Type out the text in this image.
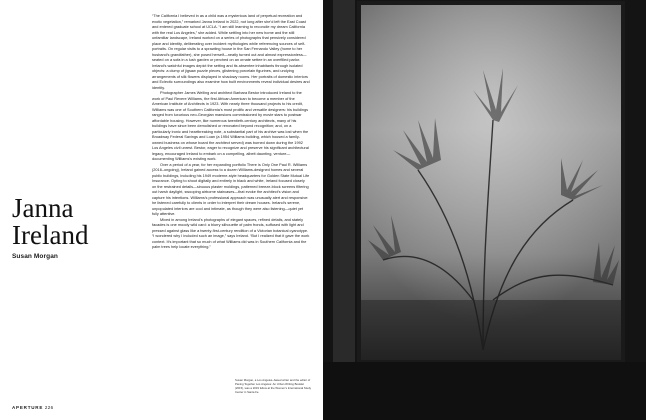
Janna
Ireland
Susan Morgan

“The California I believed in as a child was a mysterious land of perpetual recreation and exotic vegetation,” remarked Janna Ireland in 2022, not long after she’d left the East Coast and entered graduate school at UCLA. “I am still learning to reconcile my dream California with the real Los Angeles,” she added. While settling into her new home and the still unfamiliar landscape, Ireland worked on a series of photographs that pensively considered place and identity, deliberating over incident mythologies while referencing sources of self-portraits. On regular visits to a sprawling house in the San Fernando Valley (home to her husband’s grandfather), she posed herself—neatly turned out and almost expressionless—seated on a sofa in a lush garden or perched on an ornate settee in an overfilled parlor. Ireland’s watchful images depict the setting and its absentee inhabitants through isolated objects: a clump of jigsaw puzzle pieces, glistening porcelain figurines, and undying arrangements of silk flowers displayed in shadowy rooms. Her portraits of domestic interiors and Eclectic surroundings also examine how built environments reveal individual desires and identity.

Photographer James Welling and architect Barbara Bestor introduced Ireland to the work of Paul Revere Williams, the first African American to become a member of the American Institute of Architects in 1923. With nearly three thousand projects to his credit, Williams was one of Southern California’s most prolific and versatile designers: his buildings ranged from luxurious neo-Georgian mansions commissioned by movie stars to postwar affordable housing. However, like numerous twentieth-century architects, many of his buildings have since been demolished or renovated beyond recognition; and, on a particularly ironic and heartbreaking note, a substantial part of his archive was lost when the Broadway Federal Savings and Loan (a 1954 Williams building, which housed a family-owned business on whose board the architect served) was burned down during the 1992 Los Angeles civil unrest. Bestor, eager to recognize and preserve his significant architectural legacy, encouraged Ireland to embark on a compelling, albeit daunting, venture—documenting Williams’s existing work.

Over a period of a year, for her expanding portfolio There is Only One Paul R. Williams (2016–ongoing), Ireland gained access to a dozen Williams-designed homes and several public buildings, including his 1949 moderne-style headquarters for Golden State Mutual Life Insurance. Opting to shoot digitally and entirely in black and white, Ireland focused closely on the restrained details—sinuous plaster moldings, patterned breeze-block screens filtering out harsh daylight, swooping airborne staircases—that evoke the architect’s vision and capture his intentions. Williams’s professional approach was unusually alert and responsive: he listened carefully to clients in order to interpret their dream houses. Ireland’s serene, unpopulated interiors are cool and intimate, as though they were also listening—quiet yet fully attentive.

Mixed in among Ireland’s photographs of elegant spaces, refined details, and stately facades is one moody wild card: a blurry silhouette of palm fronds, suffused with light and pressed against glass like a twenty-first-century rendition of a Victorian botanical cyanotype. “I wondered why I included such an image,” says Ireland. “But I realized that it gave the work context. It’s important that so much of what Williams did was in Southern California and the palm trees help locate everything.”

Susan Morgan, a Los Angeles–based writer and the editor of Paving Together Los Angeles: An Urban Writing Booklet (2015), was a 2019 fellow at the Women’s International Study Center in Santa Fe.
APERTURE 226
